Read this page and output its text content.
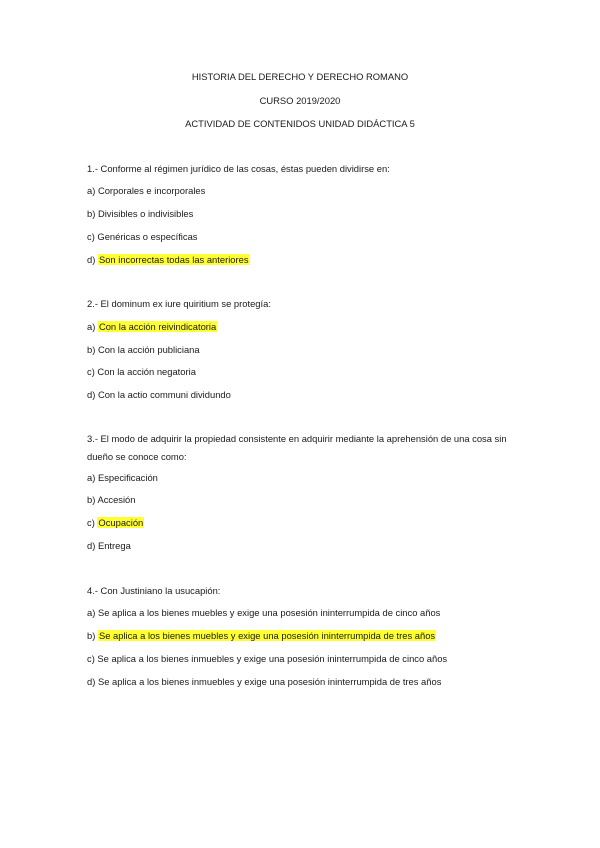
HISTORIA DEL DERECHO Y DERECHO ROMANO
CURSO 2019/2020
ACTIVIDAD DE CONTENIDOS UNIDAD DIDÁCTICA 5
1.- Conforme al régimen jurídico de las cosas, éstas pueden dividirse en:
a) Corporales e incorporales
b) Divisibles o indivisibles
c) Genéricas o específicas
d) Son incorrectas todas las anteriores
2.- El dominum ex iure quiritium se protegía:
a) Con la acción reivindicatoria
b) Con la acción publiciana
c) Con la acción negatoria
d) Con la actio communi dividundo
3.- El modo de adquirir la propiedad consistente en adquirir mediante la aprehensión de una cosa sin dueño se conoce como:
a) Especificación
b) Accesión
c) Ocupación
d) Entrega
4.- Con Justiniano la usucapión:
a) Se aplica a los bienes muebles y exige una posesión ininterrumpida de cinco años
b) Se aplica a los bienes muebles y exige una posesión ininterrumpida de tres años
c) Se aplica a los bienes inmuebles y exige una posesión ininterrumpida de cinco años
d) Se aplica a los bienes inmuebles y exige una posesión ininterrumpida de tres años
